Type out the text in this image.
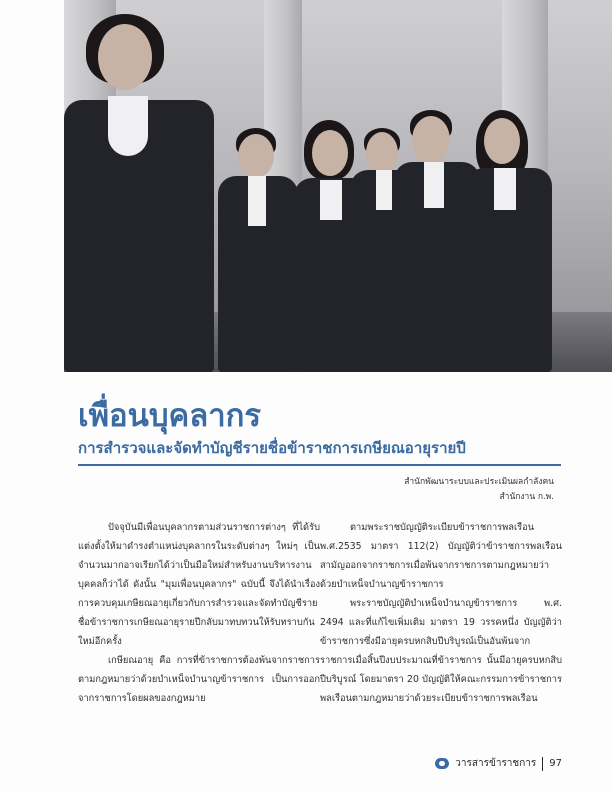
เพื่อนบุคลากร
การสำรวจและจัดทำบัญชีรายชื่อข้าราชการเกษียณอายุรายปี
สำนักพัฒนาระบบและประเมินผลกำลังคน
สำนักงาน ก.พ.

ปัจจุบันมีเพื่อนบุคลากรตามส่วนราชการต่างๆ ที่ได้รับแต่งตั้งให้มาดำรงตำแหน่งบุคลากรในระดับต่างๆ ใหม่ๆ เป็นจำนวนมากอาจเรียกได้ว่าเป็นมือใหม่สำหรับงานบริหารงานบุคคลก็ว่าได้ ดังนั้น "มุมเพื่อนบุคลากร" ฉบับนี้ จึงได้นำเรื่องการควบคุมเกษียณอายุเกี่ยวกับการสำรวจและจัดทำบัญชีรายชื่อข้าราชการเกษียณอายุรายปีกลับมาทบทวนให้รับทราบกันใหม่อีกครั้ง

เกษียณอายุ คือ การที่ข้าราชการต้องพ้นจากราชการตามกฎหมายว่าด้วยบำเหน็จบำนาญข้าราชการ เป็นการออกจากราชการโดยผลของกฎหมาย

ตามพระราชบัญญัติระเบียบข้าราชการพลเรือน พ.ศ.2535 มาตรา 112(2) บัญญัติว่าข้าราชการพลเรือนสามัญออกจากราชการเมื่อพ้นจากราชการตามกฎหมายว่าด้วยบำเหน็จบำนาญข้าราชการ

พระราชบัญญัติบำเหน็จบำนาญข้าราชการ พ.ศ. 2494 และที่แก้ไขเพิ่มเติม มาตรา 19 วรรคหนึ่ง บัญญัติว่าข้าราชการซึ่งมีอายุครบหกสิบปีบริบูรณ์เป็นอันพ้นจากราชการเมื่อสิ้นปีงบประมาณที่ข้าราชการ นั้นมีอายุครบหกสิบปีบริบูรณ์ โดยมาตรา 20 บัญญัติให้คณะกรรมการข้าราชการพลเรือนตามกฎหมายว่าด้วยระเบียบข้าราชการพลเรือน

วารสารข้าราชการ 97
